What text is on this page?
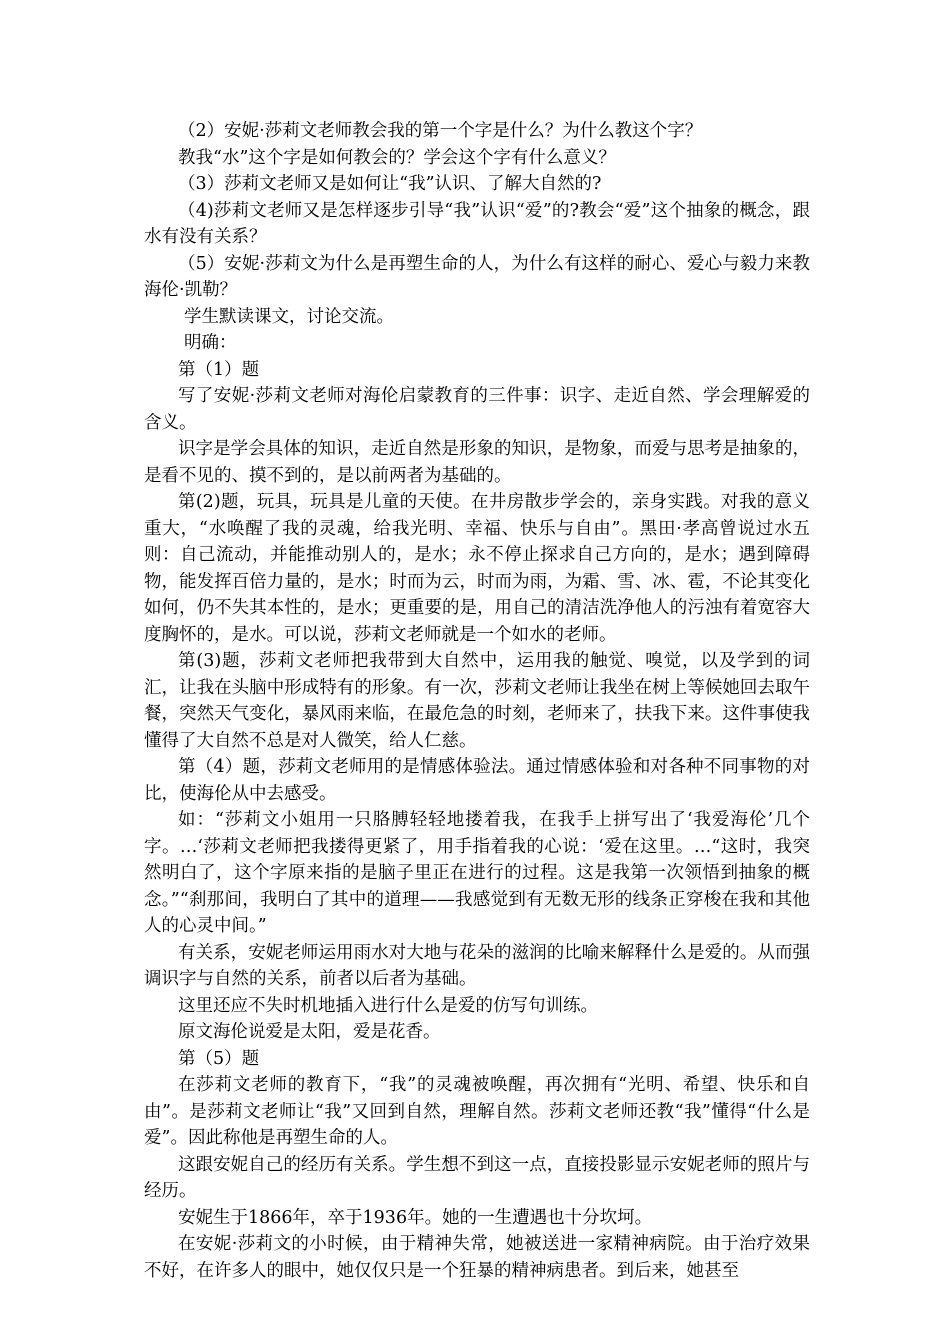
（2）安妮·莎莉文老师教会我的第一个字是什么？为什么教这个字？

教我“水”这个字是如何教会的？学会这个字有什么意义？

（3）莎莉文老师又是如何让“我”认识、了解大自然的?

（4)莎莉文老师又是怎样逐步引导“我”认识“爱”的?教会“爱”这个抽象的概念，跟水有没有关系？

（5）安妮·莎莉文为什么是再塑生命的人，为什么有这样的耐心、爱心与毅力来教海伦·凯勒？

学生默读课文，讨论交流。

明确：

第（1）题

写了安妮·莎莉文老师对海伦启蒙教育的三件事：识字、走近自然、学会理解爱的含义。

识字是学会具体的知识，走近自然是形象的知识，是物象，而爱与思考是抽象的，是看不见的、摸不到的，是以前两者为基础的。

第(2)题，玩具，玩具是儿童的天使。在井房散步学会的，亲身实践。对我的意义重大，“水唤醒了我的灵魂，给我光明、幸福、快乐与自由”。黑田·孝高曾说过水五则：自己流动，并能推动别人的，是水；永不停止探求自己方向的，是水；遇到障碍物，能发挥百倍力量的，是水；时而为云，时而为雨，为霜、雪、冰、雹，不论其变化如何，仍不失其本性的，是水；更重要的是，用自己的清洁洗净他人的污浊有着宽容大度胸怀的，是水。可以说，莎莉文老师就是一个如水的老师。

第(3)题，莎莉文老师把我带到大自然中，运用我的触觉、嗅觉，以及学到的词汇，让我在头脑中形成特有的形象。有一次，莎莉文老师让我坐在树上等候她回去取午餐，突然天气变化，暴风雨来临，在最危急的时刻，老师来了，扶我下来。这件事使我懂得了大自然不总是对人微笑，给人仁慈。

第（4）题，莎莉文老师用的是情感体验法。通过情感体验和对各种不同事物的对比，使海伦从中去感受。

如：“莎莉文小姐用一只胳膊轻轻地搂着我，在我手上拼写出了‘我爱海伦’几个字。…‘莎莉文老师把我搂得更紧了，用手指着我的心说：‘爱在这里。…“这时，我突然明白了，这个字原来指的是脑子里正在进行的过程。这是我第一次领悟到抽象的概念。”“刹那间，我明白了其中的道理——我感觉到有无数无形的线条正穿梭在我和其他人的心灵中间。”

有关系，安妮老师运用雨水对大地与花朵的滋润的比喻来解释什么是爱的。从而强调识字与自然的关系，前者以后者为基础。

这里还应不失时机地插入进行什么是爱的仿写句训练。

原文海伦说爱是太阳，爱是花香。

第（5）题

在莎莉文老师的教育下，“我”的灵魂被唤醒，再次拥有“光明、希望、快乐和自由”。是莎莉文老师让“我”又回到自然，理解自然。莎莉文老师还教“我”懂得“什么是爱”。因此称他是再塑生命的人。

这跟安妮自己的经历有关系。学生想不到这一点，直接投影显示安妮老师的照片与经历。

安妮生于1866年，卒于1936年。她的一生遭遇也十分坎坷。

在安妮·莎莉文的小时候，由于精神失常，她被送进一家精神病院。由于治疗效果不好，在许多人的眼中，她仅仅只是一个狂暴的精神病患者。到后来，她甚至
